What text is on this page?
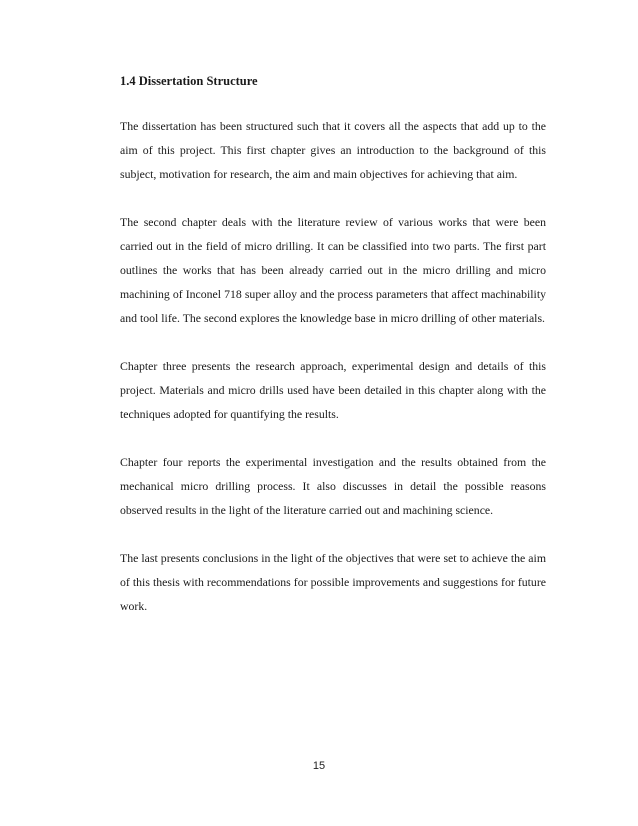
1.4 Dissertation Structure

The dissertation has been structured such that it covers all the aspects that add up to the aim of this project. This first chapter gives an introduction to the background of this subject, motivation for research, the aim and main objectives for achieving that aim.

The second chapter deals with the literature review of various works that were been carried out in the field of micro drilling. It can be classified into two parts. The first part outlines the works that has been already carried out in the micro drilling and micro machining of Inconel 718 super alloy and the process parameters that affect machinability and tool life. The second explores the knowledge base in micro drilling of other materials.

Chapter three presents the research approach, experimental design and details of this project. Materials and micro drills used have been detailed in this chapter along with the techniques adopted for quantifying the results.

Chapter four reports the experimental investigation and the results obtained from the mechanical micro drilling process. It also discusses in detail the possible reasons observed results in the light of the literature carried out and machining science.

The last presents conclusions in the light of the objectives that were set to achieve the aim of this thesis with recommendations for possible improvements and suggestions for future work.

15
